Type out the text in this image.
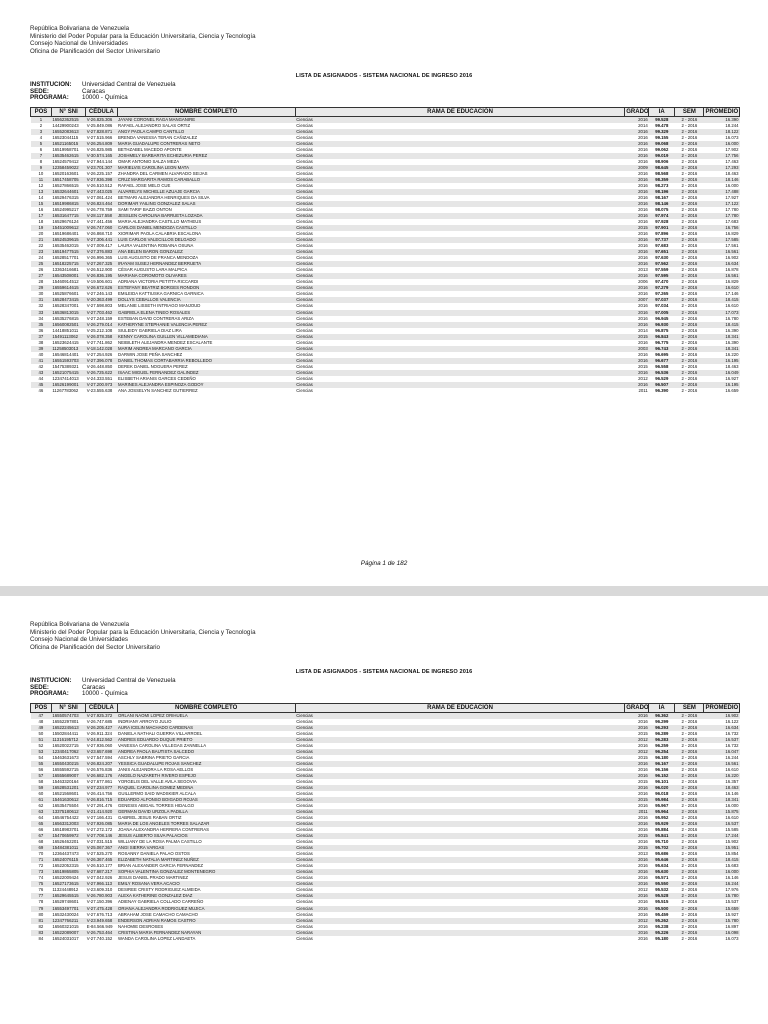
República Bolivariana de Venezuela
Ministerio del Poder Popular para la Educación Universitaria, Ciencia y Tecnología
Consejo Nacional de Universidades
Oficina de Planificación del Sector Universitario
LISTA DE ASIGNADOS - SISTEMA NACIONAL DE INGRESO 2016
INSTITUCION:	Universidad Central de Venezuela
SEDE:	Caracas
PROGRAMA:	10000 - Química
POS	N° SNI	CÉDULA	NOMBRE COMPLETO	RAMA DE EDUCACIÓN	GRADO	IA	SEM	PROMEDIO
1	16562362515	V-26.825.306	JAYANI CORONEL RAGA MANGANIRE	Ciencias	2016	99.528	2 - 2016	16.390
2	14429900243	V-25.849.086	RAFAEL ALEJANDRO SALAS ORTIZ	Ciencias	2014	99.478	2 - 2016	18.244
3	16552083613	V-27.828.871	ANGY PAOLA CAMPO CANTILLO	Ciencias	2016	99.329	2 - 2016	18.122
4	16523044115	V-27.515.966	BRENDA VANESSA TERAN CAÑIZALEZ	Ciencias	2016	99.155	2 - 2016	16.073
5	16521165015	V-26.254.809	MARIA GUADALUPE CONTRERAS NETO	Ciencias	2016	99.068	2 - 2016	16.000
6	16519958701	V-26.825.985	BETHZABEL MACEDO APONTE	Ciencias	2016	99.062	2 - 2016	17.902
7	16535462615	V-30.574.165	JOSHMELY BARBARITA ECHEZURIA PEREZ	Ciencias	2016	99.019	2 - 2016	17.756
8	16524579412	V-27.944.144	OMAR ANTONIO SALZA MEZA	Ciencias	2016	98.906	2 - 2016	17.463
9	12358459022	V-23.701.307	MARIELVIS CAROLINA LEON MATA	Ciencias	2009	98.645	2 - 2016	17.293
10	16520163601	V-26.225.157	ZHANDRA DEL CARMEN ALVARADO SEIJAS	Ciencias	2016	98.568	2 - 2016	18.463
11	16517458705	V-27.936.398	CRUZ MARGARITA RAMOS CARABALLO	Ciencias	2016	98.359	2 - 2016	18.146
12	16527866515	V-26.510.512	RAFAEL JOSE MELO CUE	Ciencias	2016	98.273	2 - 2016	16.000
13	16532644601	V-27.443.025	ALVARELYS MICHELLE AZUAJE GARCIA	Ciencias	2016	98.196	2 - 2016	17.488
14	16529476315	V-27.061.424	BETMARI ALEJANDRA HENRIQUES DA SILVA	Ciencias	2016	98.167	2 - 2016	17.927
15	16519986815	V-26.824.464	DORIMAR YAILING GONZALEZ SALAS	Ciencias	2016	98.146	2 - 2016	17.122
16	16524995217	V-26.778.759	SAMI TARIF BAZZI ONTON	Ciencias	2016	98.075	2 - 2016	17.780
17	16531647715	V-28.117.558	JESSLEN CAROLINA BARRUETA LOZADA	Ciencias	2016	97.974	2 - 2016	17.780
18	16529676124	V-27.441.456	MARIA ALEJANDRA CASTILLO MATHEUS	Ciencias	2016	97.928	2 - 2016	17.683
19	15451009612	V-26.747.060	CARLOS DANIEL MENDOZA CASTILLO	Ciencias	2015	97.901	2 - 2016	16.756
20	16519686401	V-26.868.710	XIORIMAR PAOLA CALABRIA ESCALONA	Ciencias	2016	97.896	2 - 2016	16.829
21	16524539615	V-27.306.441	LUIS CARLOS VALECILLOS DELGADO	Ciencias	2016	97.737	2 - 2016	17.585
22	16535462015	V-27.009.417	LAURA VALENTINA ROBAINA OSUNA	Ciencias	2016	97.683	2 - 2016	17.561
23	16519477515	V-27.376.883	ANA BELEN BARON GONZALEZ	Ciencias	2016	97.651	2 - 2016	16.561
24	16528517701	V-26.996.365	LUIS AUGUSTO DE FRANCA MENDOZA	Ciencias	2016	97.630	2 - 2016	16.902
25	16518225715	V-27.267.325	IRAYAM SUSEJ HERNANDEZ BERRUETA	Ciencias	2016	97.562	2 - 2016	16.634
26	13363416681	V-26.512.900	CÉSAR AUGUSTO LARA MALPICA	Ciencias	2013	97.559	2 - 2016	16.878
27	16543508001	V-26.836.195	MARIANA COROMOTO OLIVARES	Ciencias	2016	97.595	2 - 2016	16.561
28	15460914512	V-19.506.601	ADRIANA VICTORIA PETITTA RICCARDI	Ciencias	2006	97.470	2 - 2016	16.829
29	16559614615	V-26.672.626	ESTEFANY BEATRIZ BORGES RONDON	Ciencias	2016	97.279	2 - 2016	16.610
30	16525876601	V-27.246.143	EMILEIDA KATTIUSKA GARNICA GARNICA	Ciencias	2016	97.265	2 - 2016	17.146
31	16528473415	V-20.363.499	DOLLYS CEBALLOS VALENCIA	Ciencias	2007	97.037	2 - 2016	18.415
32	16528347001	V-27.598.803	MELANIE LISSETH INTRIAGO MANJOUD	Ciencias	2016	97.034	2 - 2016	16.610
33	16536813015	V-27.703.462	GABRIELA ELENA TINEO ROSALES	Ciencias	2016	97.005	2 - 2016	17.073
34	16535276815	V-27.248.159	ESTEBAN DAVID CONTRERAS ARIZA	Ciencias	2016	96.945	2 - 2016	16.780
35	16560082501	V-26.279.014	KATHERYNE STEPHANIE VALENCIA PEREZ	Ciencias	2016	96.930	2 - 2016	18.415
36	14418851011	V-25.212.108	SIULEIDY GABRIELA DIAZ LIRA	Ciencias	2014	96.875	2 - 2016	16.390
37	15491113062	V-26.078.358	KENNY CAROLINA GUILLEN VILLAMEDIANA	Ciencias	2015	96.843	2 - 2016	18.341
38	16523624415	V-27.741.862	NEIBILETH ALEJANDRA MENDEZ ESCALANTE	Ciencias	2016	96.775	2 - 2016	16.390
39	11258503013	V-18.142.028	MARIM ANDREA MARCANO GARCIA	Ciencias	2003	96.743	2 - 2016	18.341
40	16546814401	V-27.254.926	DARWIN JOSE PEÑA SANCHEZ	Ciencias	2016	96.695	2 - 2016	16.220
41	16551593703	V-27.396.078	DANIEL THOMAS CORTABARRIA REBOLLEDO	Ciencias	2016	96.677	2 - 2016	16.195
42	15475389321	V-26.448.850	DEREK DANIEL NOGUERA PEREZ	Ciencias	2015	96.558	2 - 2016	18.463
43	16521075415	V-26.725.622	ISAAC MIGUEL FERNANDEZ GALINDEZ	Ciencias	2016	96.536	2 - 2016	16.049
44	12347414013	V-24.333.551	ELISBETH ARIANIS GARCES CEDEÑO	Ciencias	2012	96.529	2 - 2016	16.927
45	16526199001	V-27.200.973	MARINES ALEJANDRA ESPINOZA GODOY	Ciencias	2016	96.507	2 - 2016	16.195
46	11267783062	V-23.555.638	ANA JOSSELYN SANCHEZ GUTIERREZ	Ciencias	2011	96.390	2 - 2016	16.659
Página 1 de 182
República Bolivariana de Venezuela
Ministerio del Poder Popular para la Educación Universitaria, Ciencia y Tecnología
Consejo Nacional de Universidades
Oficina de Planificación del Sector Universitario
LISTA DE ASIGNADOS - SISTEMA NACIONAL DE INGRESO 2016
INSTITUCION:	Universidad Central de Venezuela
SEDE:	Caracas
PROGRAMA:	10000 - Química
POS	N° SNI	CÉDULA	NOMBRE COMPLETO	RAMA DE EDUCACIÓN	GRADO	IA	SEM	PROMEDIO
47	16550574703	V-27.925.372	ORLANI NAOMI LOPEZ ORIHUELA	Ciencias	2016	96.362	2 - 2016	16.902
48	16552297801	V-26.747.685	INDRIANY ARROYO JULIO	Ciencias	2016	96.299	2 - 2016	16.122
49	16522245613	V-26.205.427	AURA ICELIN MACHADO CARDENAS	Ciencias	2016	96.293	2 - 2016	16.634
50	15502844411	V-26.911.324	DANIELA NATHALI GUERRA VILLARROEL	Ciencias	2015	96.289	2 - 2016	16.732
51	11316195712	V-24.812.562	ANDRES EDUARDO DUQUE PRIETO	Ciencias	2012	96.283	2 - 2016	16.537
52	16520022715	V-27.936.060	VANESSA CAROLINA VILLEGAS ZANNELLA	Ciencias	2016	96.259	2 - 2016	16.732
53	12340417062	V-23.657.698	ANDREA PAOLA BAUTISTA SALCEDO	Ciencias	2012	96.254	2 - 2016	16.047
54	15463631673	V-27.547.594	ASCHLY SABRINA PRIETO GARCIA	Ciencias	2015	96.180	2 - 2016	16.244
55	16550430215	V-26.824.207	YESSICA GUADALUPE ROJAS SANCHEZ	Ciencias	2016	96.167	2 - 2016	16.561
56	16555592715	V-26.576.836	JANIS ALEJANDRA LA ROSA AELLOS	Ciencias	2016	96.156	2 - 2016	16.610
57	16555689007	V-26.682.176	ANGELO NAZARETH RIVERO ESPEJO	Ciencias	2016	96.152	2 - 2016	16.220
58	15463320164	V-27.677.861	YORGELIS DEL VALLE AVILA SEGOVIA	Ciencias	2015	96.101	2 - 2016	16.357
59	16528531201	V-27.234.977	RAQUEL CAROLINA GOMEZ MEDINA	Ciencias	2016	96.020	2 - 2016	18.463
60	16521568601	V-26.414.756	GUILLERMO SAID WADSKIER ALCALA	Ciencias	2016	96.018	2 - 2016	16.146
61	15461630612	V-26.816.715	EDUARDO ALFONSO BOIGADO ROJAS	Ciencias	2015	95.984	2 - 2016	18.341
62	16535475504	V-27.291.476	GENESIS ABIGAIL TORRES HIDALGO	Ciencias	2016	95.967	2 - 2016	16.000
63	13375180612	V-21.414.920	GERMAN DAVID URZOLA PADILLA	Ciencias	2011	95.964	2 - 2016	15.875
64	16546754422	V-27.166.431	GABRIEL JESUS RABAN ORTIZ	Ciencias	2016	95.952	2 - 2016	16.610
65	16563312003	V-27.926.085	MARIA DE LOS ANGELES TORRES SALAZAR	Ciencias	2016	95.929	2 - 2016	16.537
66	16518983701	V-27.272.172	JOANA ALEXANDRA HERRERA CONTRERAS	Ciencias	2016	95.884	2 - 2016	15.585
67	15470659972	V-27.708.146	JESUS ALBERTO SILVA PALACIOS	Ciencias	2015	95.841	2 - 2016	17.244
68	16526462201	V-27.031.515	WILLIANY DE LA ROSA PALMA CASTILLO	Ciencias	2016	95.710	2 - 2016	15.902
69	15484381011	V-25.067.367	ANGI SIERRA VARGAS	Ciencias	2015	95.702	2 - 2016	15.951
70	12364437473	V-27.525.270	ROSANNY DANIELA PALAO OSTOS	Ciencias	2013	95.686	2 - 2016	15.854
71	16524076115	V-26.367.465	ELIZABETH NATALIA MARTINEZ NUÑEZ	Ciencias	2016	95.646	2 - 2016	18.415
72	16522052315	V-26.510.177	BRIAN ALEXANDER GARCIA FERNANDEZ	Ciencias	2016	95.634	2 - 2016	15.683
73	16519865805	V-27.687.217	SOPHIA VALENTINA GONZALEZ MONTENEGRO	Ciencias	2016	95.630	2 - 2016	16.000
74	16522009424	V-27.042.926	JESUS DANIEL PRADO MARTINEZ	Ciencias	2016	95.571	2 - 2016	16.146
75	16527173615	V-27.966.113	EMILY ROSANA VERA ACACIO	Ciencias	2016	95.550	2 - 2016	16.244
76	11324448912	V-23.609.310	DESIREE CRISTY RODRIGUEZ ALMEIDA	Ciencias	2012	95.532	2 - 2016	17.976
77	16529645515	V-26.780.903	ALEXA KATHERINE GONZALEZ DIAZ	Ciencias	2016	95.528	2 - 2016	15.780
78	16529748601	V-27.150.396	ADIENAY GABRIELA COLLADO CARREÑO	Ciencias	2016	95.515	2 - 2016	15.537
79	16553497701	V-27.475.428	ORIANA ALEJANDRA RODRIGUEZ MUJICA	Ciencias	2016	95.500	2 - 2016	15.659
80	16532430024	V-27.676.713	ABRAHAM JOSE CAMACHO CAMACHO	Ciencias	2016	95.459	2 - 2016	15.927
81	12347766211	V-23.949.658	ENDERSON ADRIAN RAMOS CASTRO	Ciencias	2012	95.262	2 - 2016	15.780
82	16560321015	E-84.566.949	NAHOMIE DESROSES	Ciencias	2016	95.238	2 - 2016	16.897
83	16522089007	V-26.753.464	CRISTINA MARIA FERNANDEZ NARAYAN	Ciencias	2016	95.226	2 - 2016	16.098
84	16524031017	V-27.740.152	WANDA CAROLINA LOPEZ LANDAETA	Ciencias	2016	95.180	2 - 2016	16.073
